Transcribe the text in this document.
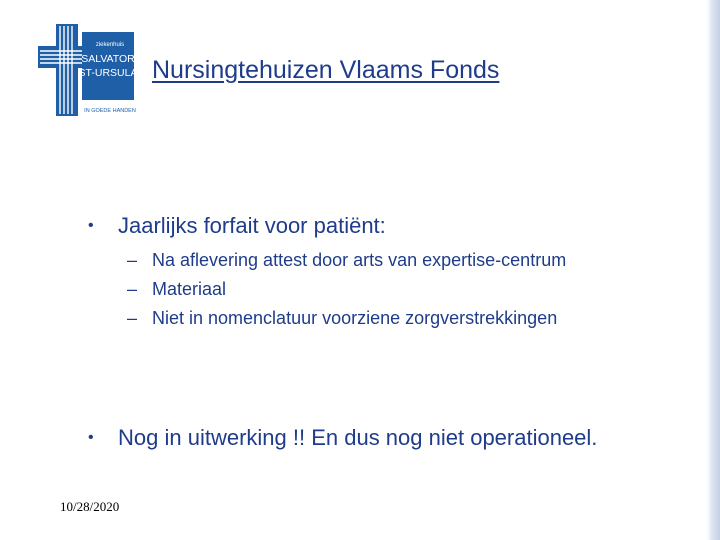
ziekenhuis
SALVATOR
ST-URSULA
IN GOEDE HANDEN
Nursingtehuizen Vlaams Fonds
• Jaarlijks forfait voor patiënt:
– Na aflevering attest door arts van expertise-centrum
– Materiaal
– Niet in nomenclatuur voorziene zorgverstrekkingen
• Nog in uitwerking !! En dus nog niet operationeel.
10/28/2020
